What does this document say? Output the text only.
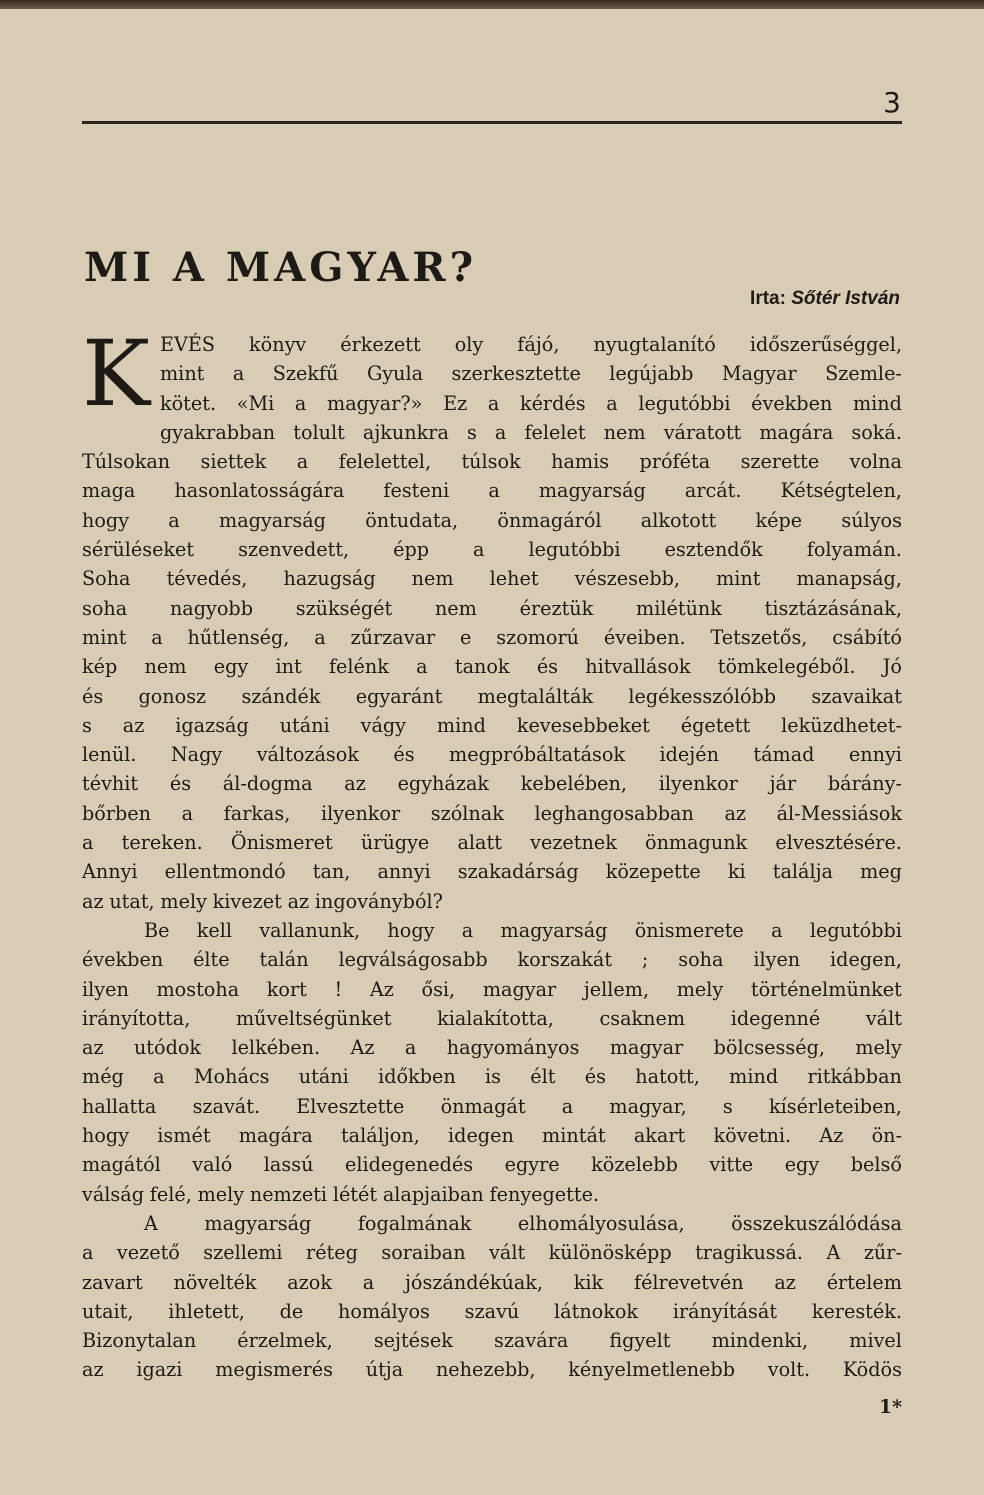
3
MI A MAGYAR?
Irta: Sőtér István
K EVÉS könyv érkezett oly fájó, nyugtalanító időszerűséggel,
mint a Szekfű Gyula szerkesztette legújabb Magyar Szemle-
kötet. «Mi a magyar?» Ez a kérdés a legutóbbi években mind
gyakrabban tolult ajkunkra s a felelet nem váratott magára soká.
Túlsokan siettek a felelettel, túlsok hamis próféta szerette volna
maga hasonlatosságára festeni a magyarság arcát. Kétségtelen,
hogy a magyarság öntudata, önmagáról alkotott képe súlyos
sérüléseket szenvedett, épp a legutóbbi esztendők folyamán.
Soha tévedés, hazugság nem lehet vészesebb, mint manapság,
soha nagyobb szükségét nem éreztük milétünk tisztázásának,
mint a hűtlenség, a zűrzavar e szomorú éveiben. Tetszetős, csábító
kép nem egy int felénk a tanok és hitvallások tömkelegéből. Jó
és gonosz szándék egyaránt megtalálták legékesszólóbb szavaikat
s az igazság utáni vágy mind kevesebbeket égetett leküzdhetet-
lenül. Nagy változások és megpróbáltatások idején támad ennyi
tévhit és ál-dogma az egyházak kebelében, ilyenkor jár bárány-
bőrben a farkas, ilyenkor szólnak leghangosabban az ál-Messiások
a tereken. Önismeret ürügye alatt vezetnek önmagunk elvesztésére.
Annyi ellentmondó tan, annyi szakadárság közepette ki találja meg
az utat, mely kivezet az ingoványból?
Be kell vallanunk, hogy a magyarság önismerete a legutóbbi
években élte talán legválságosabb korszakát ; soha ilyen idegen,
ilyen mostoha kort ! Az ősi, magyar jellem, mely történelmünket
irányította, műveltségünket kialakította, csaknem idegenné vált
az utódok lelkében. Az a hagyományos magyar bölcsesség, mely
még a Mohács utáni időkben is élt és hatott, mind ritkábban
hallatta szavát. Elvesztette önmagát a magyar, s kísérleteiben,
hogy ismét magára találjon, idegen mintát akart követni. Az ön-
magától való lassú elidegenedés egyre közelebb vitte egy belső
válság felé, mely nemzeti létét alapjaiban fenyegette.
A magyarság fogalmának elhomályosulása, összekuszálódása
a vezető szellemi réteg soraiban vált különösképp tragikussá. A zűr-
zavart növelték azok a jószándékúak, kik félrevetvén az értelem
utait, ihletett, de homályos szavú látnokok irányítását keresték.
Bizonytalan érzelmek, sejtések szavára figyelt mindenki, mivel
az igazi megismerés útja nehezebb, kényelmetlenebb volt. Ködös
1*
